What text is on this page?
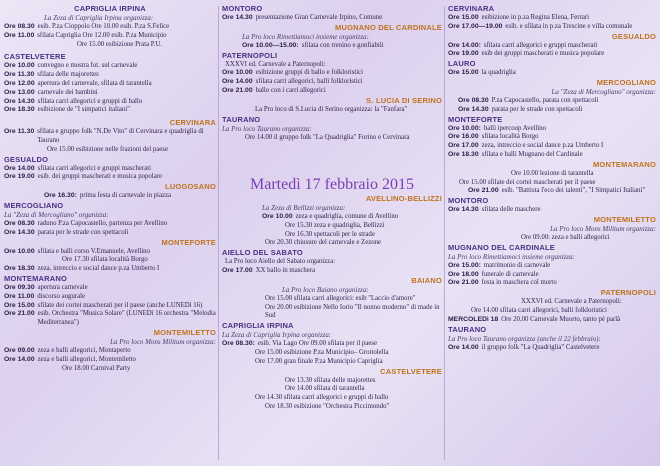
CAPRIGLIA IRPINA
La Zeza di Capriglia Irpina organizza:
Ore 08.30 esib. P.za Cioppolo Ore 10.00 esib. P.za S.Felice
Ore 11.00 sfilata Capriglia Ore 12.00 esib. P.za Municipio
Ore 15.00 esibizione Prata P.U.
CASTELVETERE
Ore 10.00 convegno e mostra fot. sul carnevale
Ore 11.30 sfilata delle majorettes
Ore 12.00 apertura del carnevale, sfilata di tarantella
Ore 13.00 carnevale dei bambini
Ore 14.30 sfilata carri allegorici e gruppi di ballo
Ore 18.30 esibizione de "I simpatici italiani"
CERVINARA
Ore 11.30 sfilata e gruppo folk "N.De Vito" di Cervinara e quadriglia di Taurano
Ore 15.00 esibizione nelle frazioni del paese
GESUALDO
Ore 14.00 sfilata carri allegorici e gruppi mascherati
Ore 19.00 esib. dei gruppi mascherati e musica popolare
LUOGOSANO
Ore 16.30: prima festa di carnevale in piazza
MERCOGLIANO
La "Zeza di Mercogliano" organizza:
Ore 08.30 raduno P.za Capocastello, partenza per Avellino
Ore 14.30 parata per le strade con spettacoli
MONTEFORTE
Ore 10.00 sfilata e balli corso V.Emanuele, Avellino
Ore 17.30 sfilata località Borgo
Ore 18.30 zeza, intreccio e social dance p.za Umberto I
MONTEMARANO
Ore 09.30 apertura carnevale
Ore 11.00 discorso augurale
Ore 15.00 sfilate dei cortei mascherati per il paese (anche LUNEDì 16)
Ore 21.00 esib. Orchestra "Musica Solare" (LUNEDì 16 orchestra "Melodia Mediterranea")
MONTEMILETTO
La Pro loco Mons Militum organizza:
Ore 09.00 zeza e balli allegorici, Montaperto
Ore 14.00 zeza e balli allegorici, Montemiletto
Ore 18.00 Carnival Party
MONTORO
Ore 14.30 presentazione Gran Carnevale Irpino, Comune
MUGNANO DEL CARDINALE
La Pro loco Rimettiamoci insieme organizza:
Ore 10.00—15.00: sfilata con trenino e gonfiabili
PATERNOPOLI
XXXVI ed. Carnevale a Paternopoli:
Ore 10.00 esibizione gruppi di ballo e folkloristici
Ore 14.00 sfilata carri allegorici, balli folkloristici
Ore 21.00 ballo con i carri allegorici
S. LUCIA DI SERINO
La Pro loco di S.Lucia di Serino organizza: la "Fanfara"
TAURANO
La Pro loco Taurano organizza:
Ore 14.00 il gruppo folk "La Quadriglia" Forino e Cervinara
Martedì 17 febbraio 2015
AVELLINO-BELLIZZI
La Zeza di Bellizzi organizza:
Ore 10.00 zeza e quadriglia, comune di Avellino
Ore 15.30 zeza e quadriglia, Bellizzi
Ore 16.30 spettacoli per le strade
Ore 20.30 chiusure del carnevale e Zezone
AIELLO DEL SABATO
La Pro loco Aiello del Sabato organizza:
Ore 17.00 XX ballo in maschera
BAIANO
La Pro loco Baiano organizza:
Ore 15.00 sfilata carri allegorici: esib "Laccio d'amore"
Ore 20.00 esibizione Nello Iorio "Il nonno moderno" di made in Sud
CAPRIGLIA IRPINA
La Zeza di Capriglia Irpina organizza:
Ore 08.30: esib. Via Lago Ore 09.00 sfilata per il paese
Ore 15.00 esibizione P.za Municipio– Grottolella
Ore 17.00 gran finale P.za Municipio Capriglia
CASTELVETERE
Ore 13.30 sfilata delle majorettes
Ore 14.00 sfilata di tarantella
Ore 14.30 sfilata carri allegorici e gruppi di ballo
Ore 18.30 esibizione "Orchestra Piccimondo"
CERVINARA
Ore 15.00 esibizione in p.za Regina Elena, Ferrari
Ore 17.00—19.00 esib. e sfilata in p.za Trescine e villa comunale
GESUALDO
Ore 14.00: sfilata carri allegorici e gruppi mascherati
Ore 19.00 esib dei gruppi mascherati e musica popolare
LAURO
Ore 15.00 la quadriglia
MERCOGLIANO
La "Zeza di Mercogliano" organizza:
Ore 08.30 P.za Capocastello, parata con spettacoli
Ore 14.30 parata per le strade con spettacoli
MONTEFORTE
Ore 10.00: balli ipercoop Avellino
Ore 16.00 sfilata località Borgo
Ore 17.00 zeza, intreccio e social dance p.za Umberto I
Ore 18.30 sfilata e balli Mugnano del Cardinale
MONTEMARANO
Ore 10.00 lezione di tarantella
Ore 15.00 sfilate dei cortei mascherati per il paese
Ore 21.00 esib. "Battista l'eco dei talenti", "I Simpatici Italiani"
MONTORO
Ore 14.30 sfilata delle maschere
MONTEMILETTO
La Pro loco Mons Militum organizza:
Ore 09.00: zeza e balli allegorici
MUGNANO DEL CARDINALE
La Pro loco Rimettiamoci insieme organizza:
Ore 15.00: matrimonio di carnevale
Ore 18.00 funerale di carnevale
Ore 21.00 festa in maschera col morto
PATERNOPOLI
XXXVI ed. Carnevale a Paternopoli:
Ore 14.00 sfilata carri allegorici, balli folkloristici
MERCOLEDì 18 Ore 20.00 Carnevale Muorto, tanto pè parlà
TAURANO
La Pro loco Taurano organizza (anche il 22 febbraio):
Ore 14.00 il gruppo folk "La Quadriglia" Castelvetere
